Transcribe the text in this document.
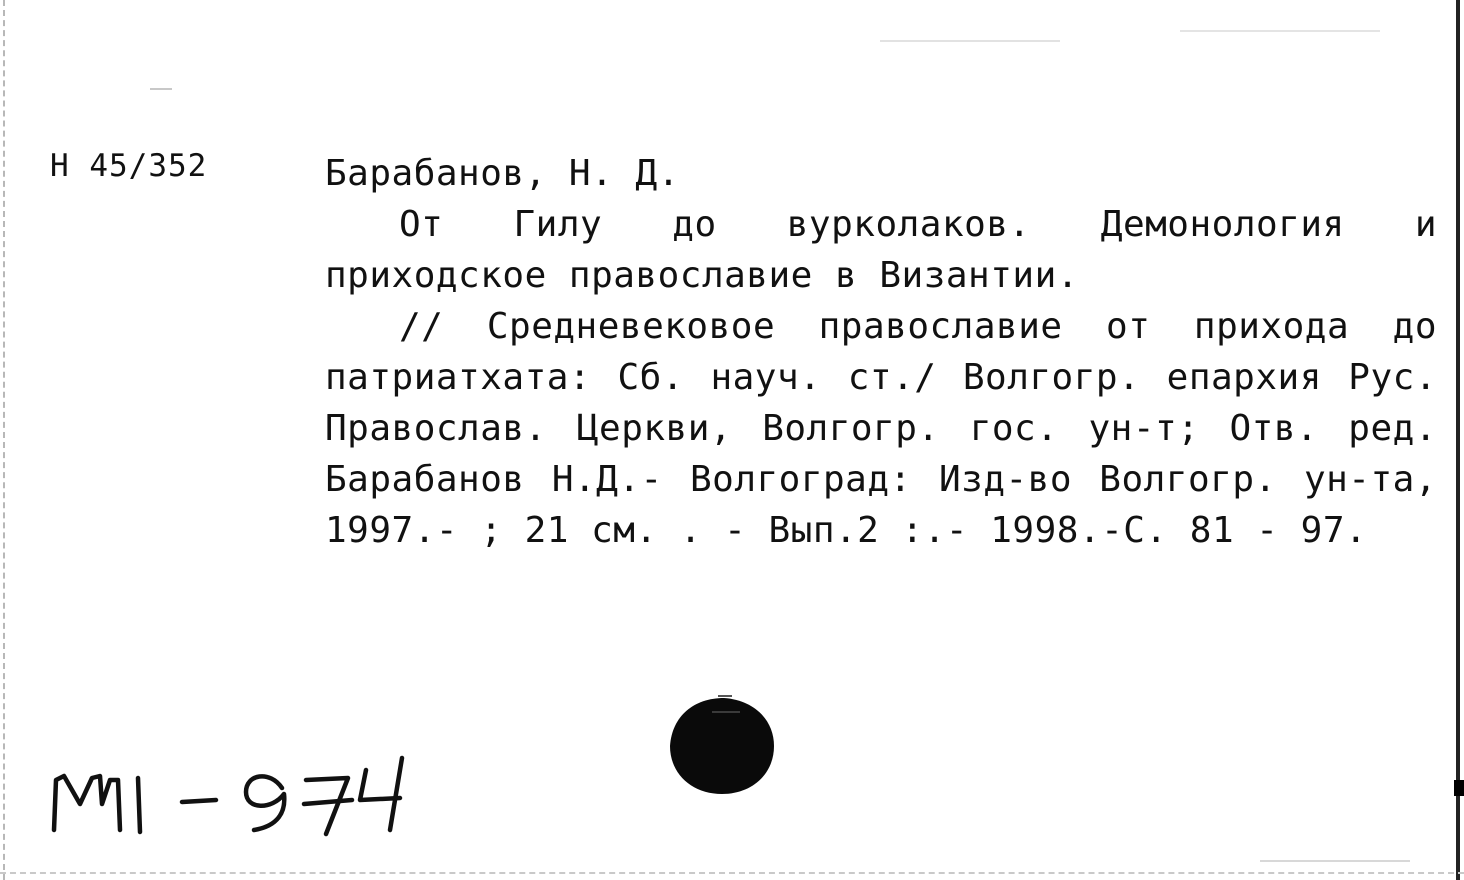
Н 45/352	Барабанов, Н. Д.

От Гилу до вурколаков. Демонология и приходское православие в Византии.

// Средневековое православие от прихода до патриатхата: Сб. науч. ст./ Волгогр. епархия Рус. Православ. Церкви, Волгогр. гос. ун-т; Отв. ред. Барабанов Н.Д.- Волгоград: Изд-во Волгогр. ун-та, 1997.- ; 21 см. . - Вып.2 :.- 1998.-С. 81 - 97.
